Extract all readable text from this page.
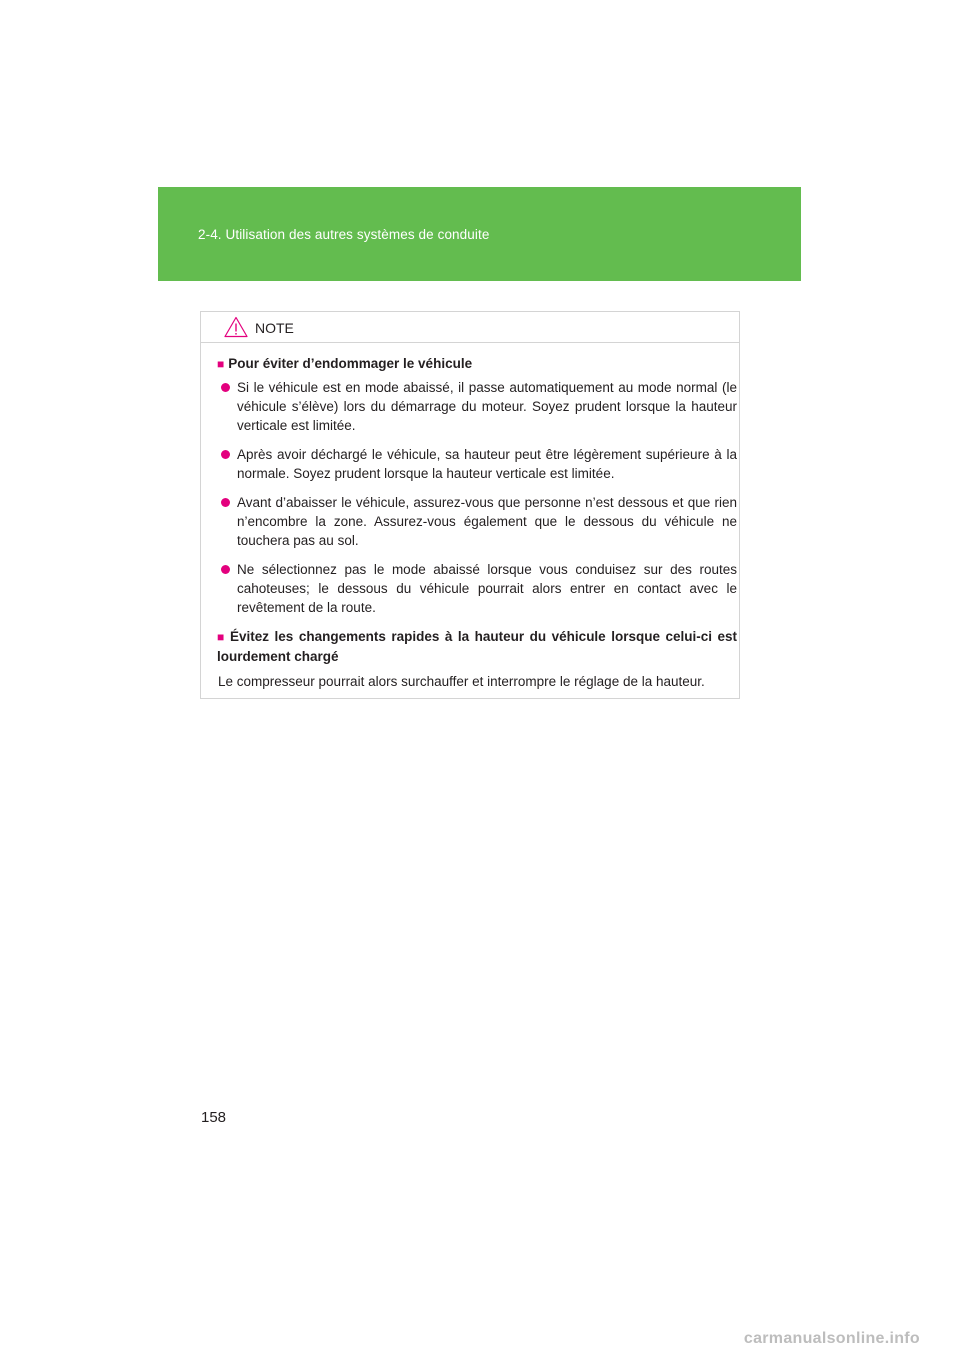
2-4. Utilisation des autres systèmes de conduite
NOTE
■ Pour éviter d’endommager le véhicule
Si le véhicule est en mode abaissé, il passe automatiquement au mode normal (le véhicule s’élève) lors du démarrage du moteur. Soyez prudent lorsque la hauteur verticale est limitée.
Après avoir déchargé le véhicule, sa hauteur peut être légèrement supérieure à la normale. Soyez prudent lorsque la hauteur verticale est limitée.
Avant d’abaisser le véhicule, assurez-vous que personne n’est dessous et que rien n’encombre la zone. Assurez-vous également que le dessous du véhicule ne touchera pas au sol.
Ne sélectionnez pas le mode abaissé lorsque vous conduisez sur des routes cahoteuses; le dessous du véhicule pourrait alors entrer en contact avec le revêtement de la route.
■ Évitez les changements rapides à la hauteur du véhicule lorsque celui-ci est lourdement chargé
Le compresseur pourrait alors surchauffer et interrompre le réglage de la hauteur.
158
carmanualsonline.info
